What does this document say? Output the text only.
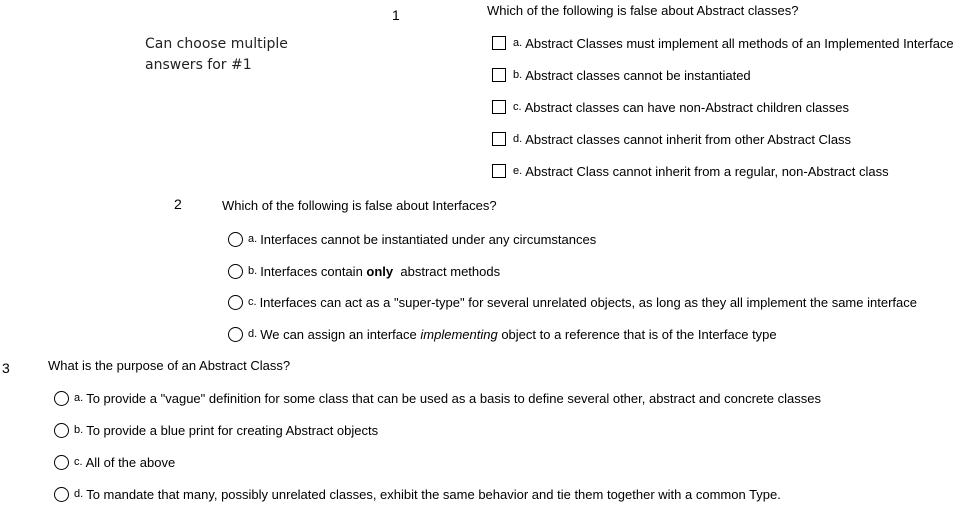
1	Which of the following is false about Abstract classes?
Can choose multiple
answers for #1
a. Abstract Classes must implement all methods of an Implemented Interface
b. Abstract classes cannot be instantiated
c. Abstract classes can have non-Abstract children classes
d. Abstract classes cannot inherit from other Abstract Class
e. Abstract Class cannot inherit from a regular, non-Abstract class
2	Which of the following is false about Interfaces?
a. Interfaces cannot be instantiated under any circumstances
b. Interfaces contain only  abstract methods
c. Interfaces can act as a "super-type" for several unrelated objects, as long as they all implement the same interface
d. We can assign an interface implementing object to a reference that is of the Interface type
3	What is the purpose of an Abstract Class?
a. To provide a "vague" definition for some class that can be used as a basis to define several other, abstract and concrete classes
b. To provide a blue print for creating Abstract objects
c. All of the above
d. To mandate that many, possibly unrelated classes, exhibit the same behavior and tie them together with a common Type.
